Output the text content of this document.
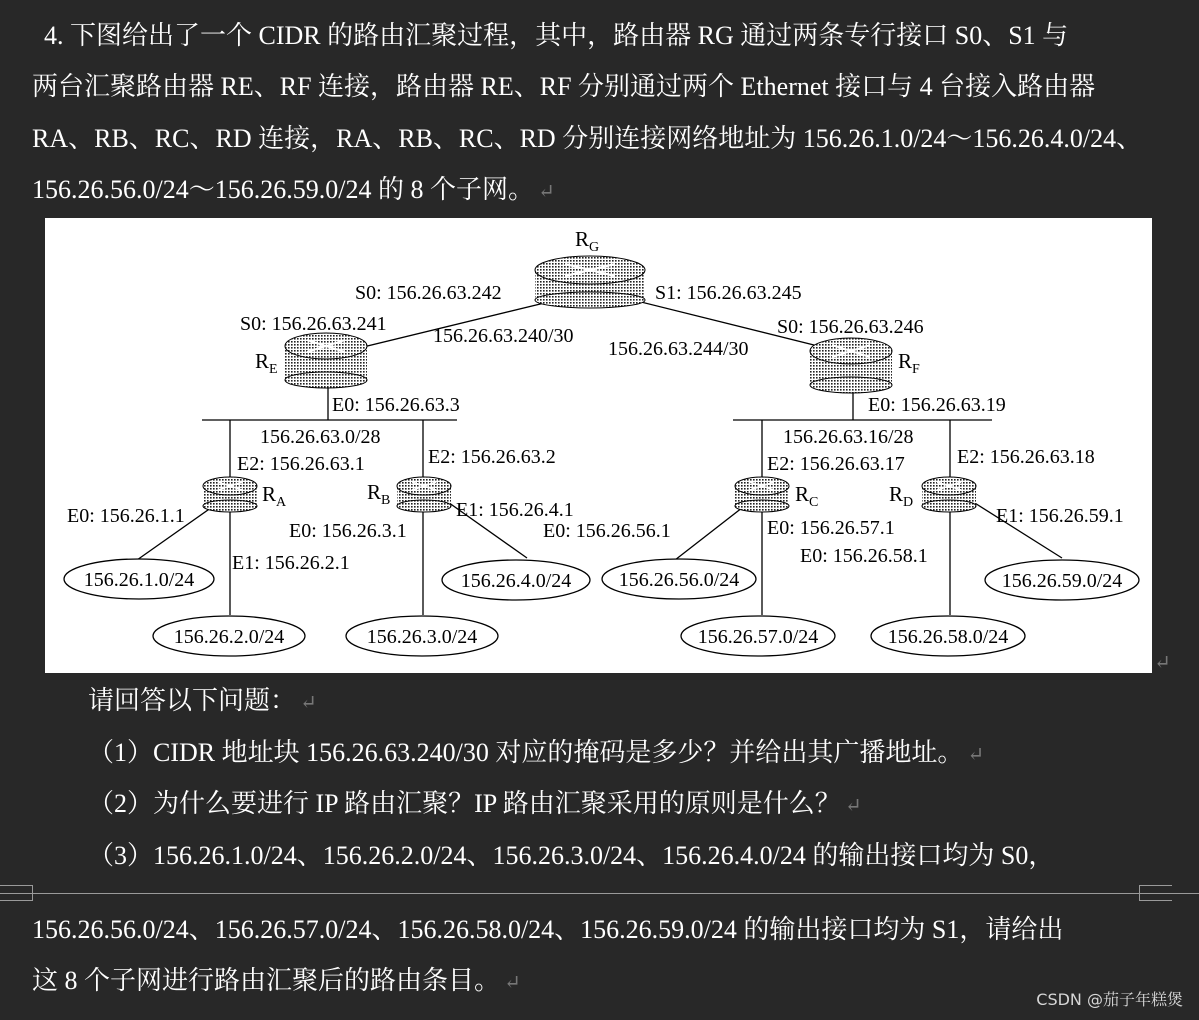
4. 下图给出了一个 CIDR 的路由汇聚过程，其中，路由器 RG 通过两条专行接口 S0、S1 与
两台汇聚路由器 RE、RF 连接，路由器 RE、RF 分别通过两个 Ethernet 接口与 4 台接入路由器
RA、RB、RC、RD 连接，RA、RB、RC、RD 分别连接网络地址为 156.26.1.0/24～156.26.4.0/24、
156.26.56.0/24～156.26.59.0/24 的 8 个子网。 ↵
$R_G$
$R_E$	$R_F$
$R_A$	$R_B$	$R_C$	$R_D$
S0: 156.26.63.242	S1: 156.26.63.245
S0: 156.26.63.241	S0: 156.26.63.246
156.26.63.240/30
156.26.63.244/30
E0: 156.26.63.3	E0: 156.26.63.19
156.26.63.0/28	156.26.63.16/28
E2: 156.26.63.1	E2: 156.26.63.2	E2: 156.26.63.17	E2: 156.26.63.18
E0: 156.26.1.1
E1: 156.26.2.1
E0: 156.26.3.1
E1: 156.26.4.1
E0: 156.26.56.1	E0: 156.26.57.1
E0: 156.26.58.1
E1: 156.26.59.1
156.26.1.0/24
156.26.2.0/24	156.26.3.0/24
156.26.4.0/24 156.26.56.0/24
156.26.57.0/24	156.26.58.0/24
156.26.59.0/24
↵
请回答以下问题： ↵
（1）CIDR 地址块 156.26.63.240/30 对应的掩码是多少？并给出其广播地址。 ↵
（2）为什么要进行 IP 路由汇聚？IP 路由汇聚采用的原则是什么？ ↵
（3）156.26.1.0/24、156.26.2.0/24、156.26.3.0/24、156.26.4.0/24 的输出接口均为 S0，
156.26.56.0/24、156.26.57.0/24、156.26.58.0/24、156.26.59.0/24 的输出接口均为 S1，请给出
这 8 个子网进行路由汇聚后的路由条目。 ↵
CSDN @茄子年糕煲
